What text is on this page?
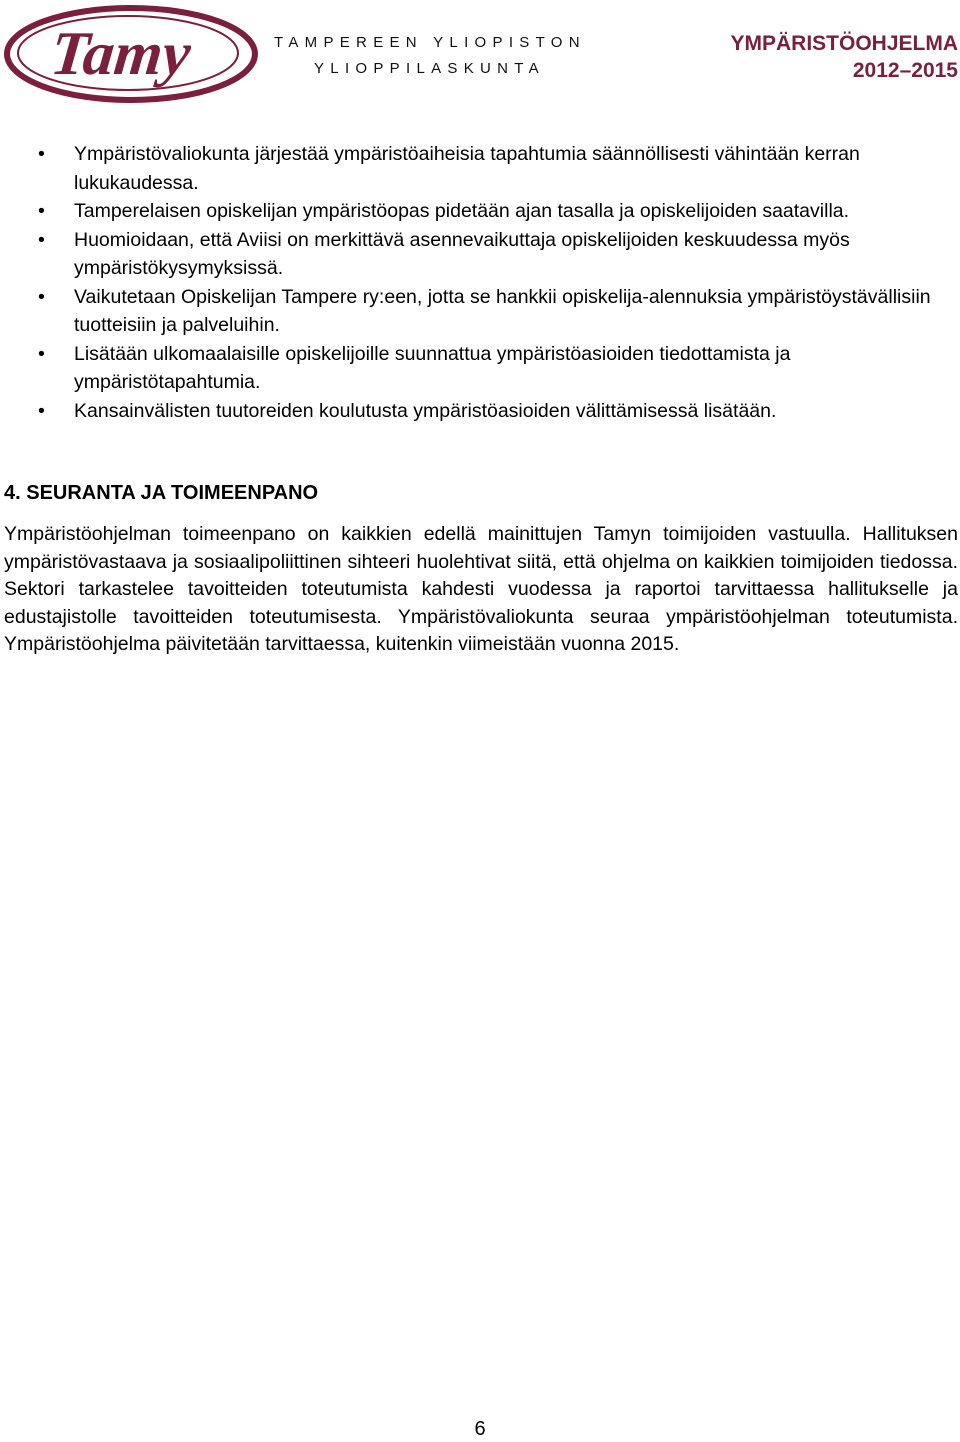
Tamy	TAMPEREEN YLIOPISTON
YLIOPPILASKUNTA
YMPÄRISTÖOHJELMA
2012–2015
• Ympäristövaliokunta järjestää ympäristöaiheisia tapahtumia säännöllisesti vähintään kerran lukukaudessa.
• Tamperelaisen opiskelijan ympäristöopas pidetään ajan tasalla ja opiskelijoiden saatavilla.
• Huomioidaan, että Aviisi on merkittävä asennevaikuttaja opiskelijoiden keskuudessa myös ympäristökysymyksissä.
• Vaikutetaan Opiskelijan Tampere ry:een, jotta se hankkii opiskelija-alennuksia ympäristöystävällisiin tuotteisiin ja palveluihin.
• Lisätään ulkomaalaisille opiskelijoille suunnattua ympäristöasioiden tiedottamista ja ympäristötapahtumia.
• Kansainvälisten tuutoreiden koulutusta ympäristöasioiden välittämisessä lisätään.
4. SEURANTA JA TOIMEENPANO
Ympäristöohjelman toimeenpano on kaikkien edellä mainittujen Tamyn toimijoiden vastuulla. Hallituksen ympäristövastaava ja sosiaalipoliittinen sihteeri huolehtivat siitä, että ohjelma on kaikkien toimijoiden tiedossa. Sektori tarkastelee tavoitteiden toteutumista kahdesti vuodessa ja raportoi tarvittaessa hallitukselle ja edustajistolle tavoitteiden toteutumisesta. Ympäristövaliokunta seuraa ympäristöohjelman toteutumista. Ympäristöohjelma päivitetään tarvittaessa, kuitenkin viimeistään vuonna 2015.
6
